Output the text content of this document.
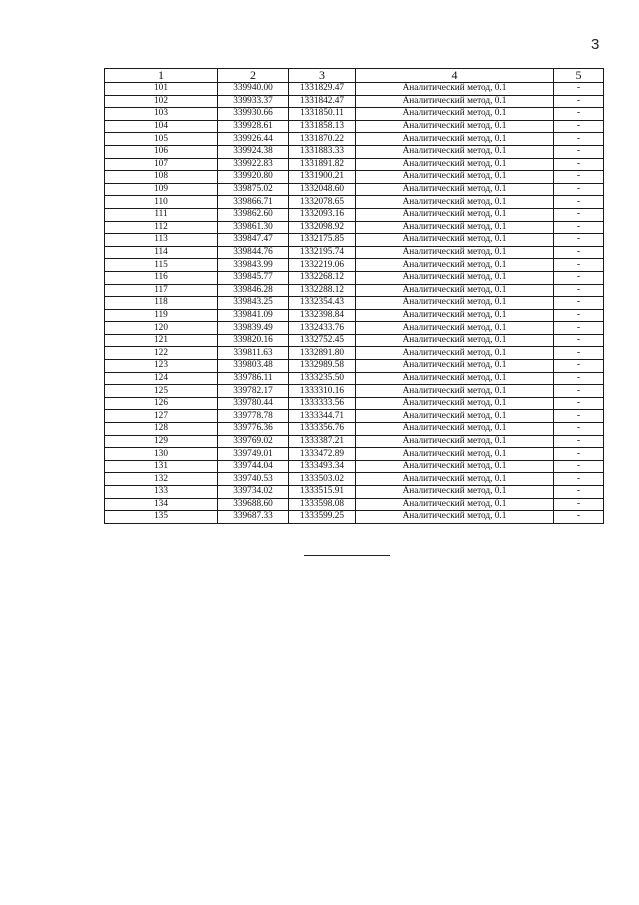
3
1	2	3	4	5
101	339940.00	1331829.47	Аналитический метод, 0.1	-
102	339933.37	1331842.47	Аналитический метод, 0.1	-
103	339930.66	1331850.11	Аналитический метод, 0.1	-
104	339928.61	1331858.13	Аналитический метод, 0.1	-
105	339926.44	1331870.22	Аналитический метод, 0.1	-
106	339924.38	1331883.33	Аналитический метод, 0.1	-
107	339922.83	1331891.82	Аналитический метод, 0.1	-
108	339920.80	1331900.21	Аналитический метод, 0.1	-
109	339875.02	1332048.60	Аналитический метод, 0.1	-
110	339866.71	1332078.65	Аналитический метод, 0.1	-
111	339862.60	1332093.16	Аналитический метод, 0.1	-
112	339861.30	1332098.92	Аналитический метод, 0.1	-
113	339847.47	1332175.85	Аналитический метод, 0.1	-
114	339844.76	1332195.74	Аналитический метод, 0.1	-
115	339843.99	1332219.06	Аналитический метод, 0.1	-
116	339845.77	1332268.12	Аналитический метод, 0.1	-
117	339846.28	1332288.12	Аналитический метод, 0.1	-
118	339843.25	1332354.43	Аналитический метод, 0.1	-
119	339841.09	1332398.84	Аналитический метод, 0.1	-
120	339839.49	1332433.76	Аналитический метод, 0.1	-
121	339820.16	1332752.45	Аналитический метод, 0.1	-
122	339811.63	1332891.80	Аналитический метод, 0.1	-
123	339803.48	1332989.58	Аналитический метод, 0.1	-
124	339786.11	1333235.50	Аналитический метод, 0.1	-
125	339782.17	1333310.16	Аналитический метод, 0.1	-
126	339780.44	1333333.56	Аналитический метод, 0.1	-
127	339778.78	1333344.71	Аналитический метод, 0.1	-
128	339776.36	1333356.76	Аналитический метод, 0.1	-
129	339769.02	1333387.21	Аналитический метод, 0.1	-
130	339749.01	1333472.89	Аналитический метод, 0.1	-
131	339744.04	1333493.34	Аналитический метод, 0.1	-
132	339740.53	1333503.02	Аналитический метод, 0.1	-
133	339734.02	1333515.91	Аналитический метод, 0.1	-
134	339688.60	1333598.08	Аналитический метод, 0.1	-
135	339687.33	1333599.25	Аналитический метод, 0.1	-
